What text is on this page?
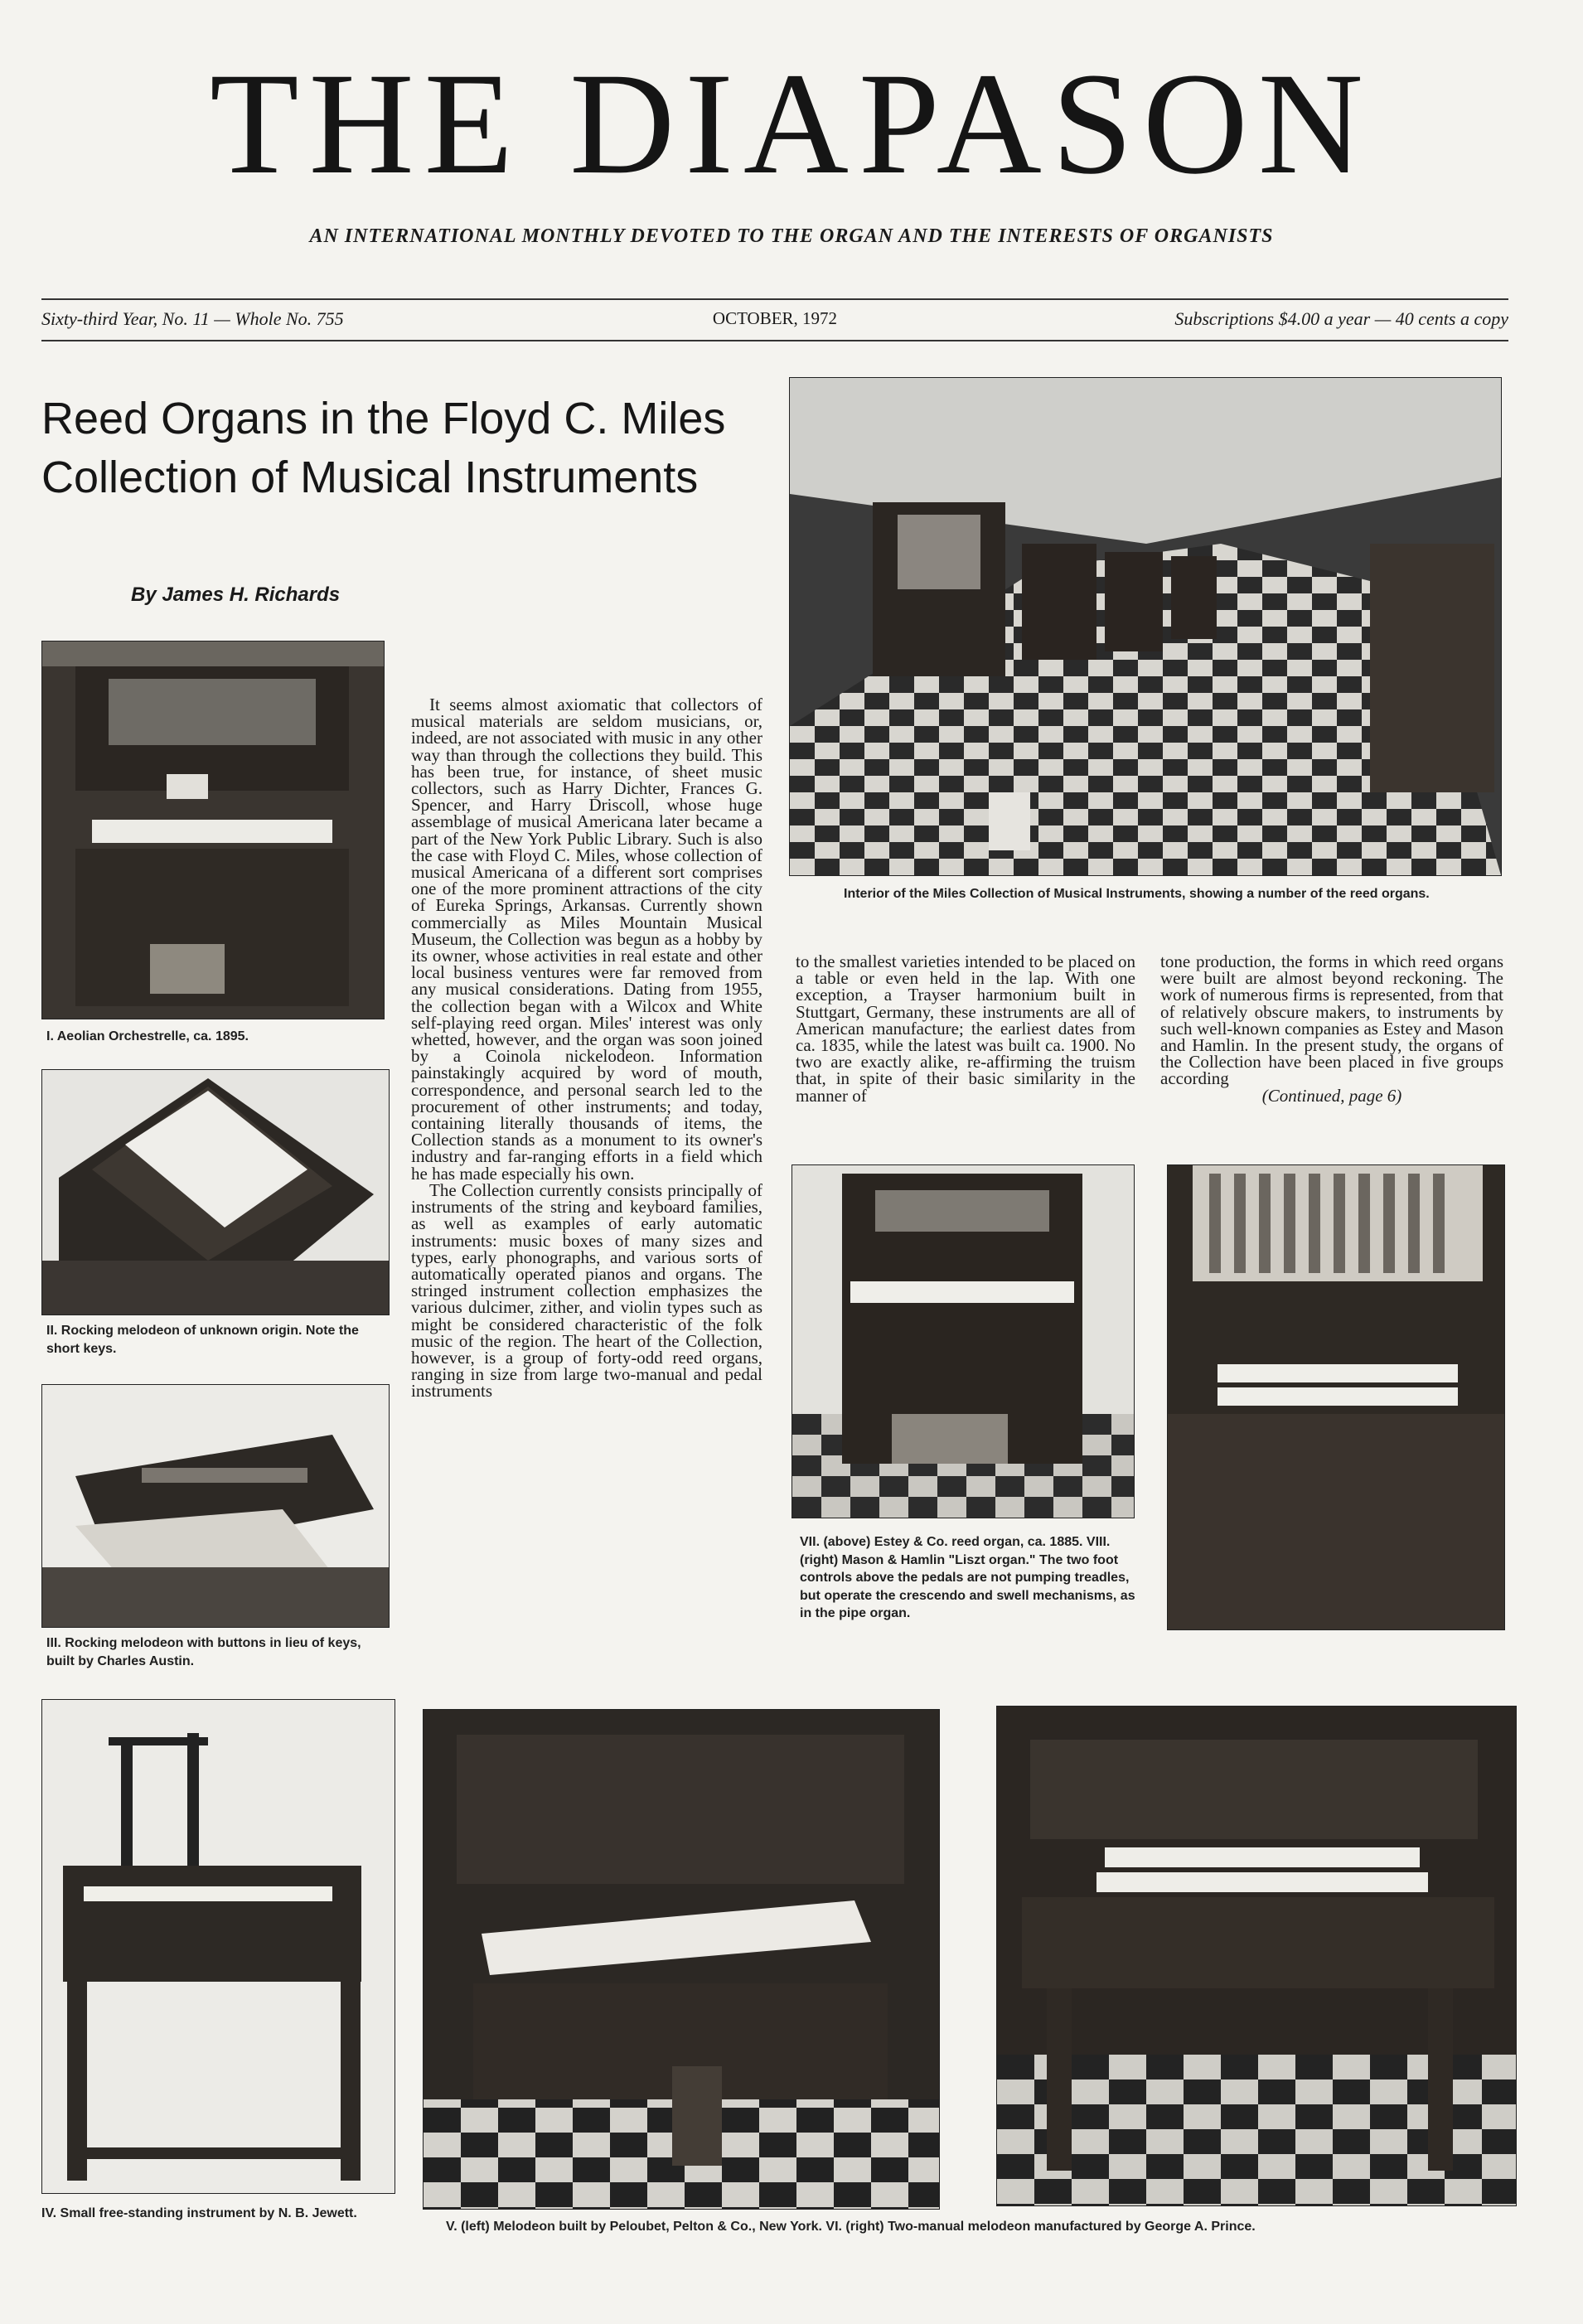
THE DIAPASON
AN INTERNATIONAL MONTHLY DEVOTED TO THE ORGAN AND THE INTERESTS OF ORGANISTS
Sixty-third Year, No. 11 — Whole No. 755	OCTOBER, 1972	Subscriptions $4.00 a year — 40 cents a copy
Reed Organs in the Floyd C. Miles
Collection of Musical Instruments
By James H. Richards
Interior of the Miles Collection of Musical Instruments, showing a number of the reed organs.
I. Aeolian Orchestrelle, ca. 1895.
II. Rocking melodeon of unknown origin. Note the short keys.
III. Rocking melodeon with buttons in lieu of keys, built by Charles Austin.

It seems almost axiomatic that collectors of musical materials are seldom musicians, or, indeed, are not associated with music in any other way than through the collections they build. This has been true, for instance, of sheet music collectors, such as Harry Dichter, Frances G. Spencer, and Harry Driscoll, whose huge assemblage of musical Americana later became a part of the New York Public Library. Such is also the case with Floyd C. Miles, whose collection of musical Americana of a different sort comprises one of the more prominent attractions of the city of Eureka Springs, Arkansas. Currently shown commercially as Miles Mountain Musical Museum, the Collection was begun as a hobby by its owner, whose activities in real estate and other local business ventures were far removed from any musical considerations. Dating from 1955, the collection began with a Wilcox and White self-playing reed organ. Miles' interest was only whetted, however, and the organ was soon joined by a Coinola nickelodeon. Information painstakingly acquired by word of mouth, correspondence, and personal search led to the procurement of other instruments; and today, containing literally thousands of items, the Collection stands as a monument to its owner's industry and far-ranging efforts in a field which he has made especially his own.

The Collection currently consists principally of instruments of the string and keyboard families, as well as examples of early automatic instruments: music boxes of many sizes and types, early phonographs, and various sorts of automatically operated pianos and organs. The stringed instrument collection emphasizes the various dulcimer, zither, and violin types such as might be considered characteristic of the folk music of the region. The heart of the Collection, however, is a group of forty-odd reed organs, ranging in size from large two-manual and pedal instruments

to the smallest varieties intended to be placed on a table or even held in the lap. With one exception, a Trayser harmonium built in Stuttgart, Germany, these instruments are all of American manufacture; the earliest dates from ca. 1835, while the latest was built ca. 1900. No two are exactly alike, re-affirming the truism that, in spite of their basic similarity in the manner of
tone production, the forms in which reed organs were built are almost beyond reckoning. The work of numerous firms is represented, from that of relatively obscure makers, to instruments by such well-known companies as Estey and Mason and Hamlin. In the present study, the organs of the Collection have been placed in five groups according
(Continued, page 6)
VII. (above) Estey & Co. reed organ, ca. 1885. VIII. (right) Mason & Hamlin "Liszt organ." The two foot controls above the pedals are not pumping treadles, but operate the crescendo and swell mechanisms, as in the pipe organ.
IV. Small free-standing instrument by N. B. Jewett.
V. (left) Melodeon built by Peloubet, Pelton & Co., New York. VI. (right) Two-manual melodeon manufactured by George A. Prince.
